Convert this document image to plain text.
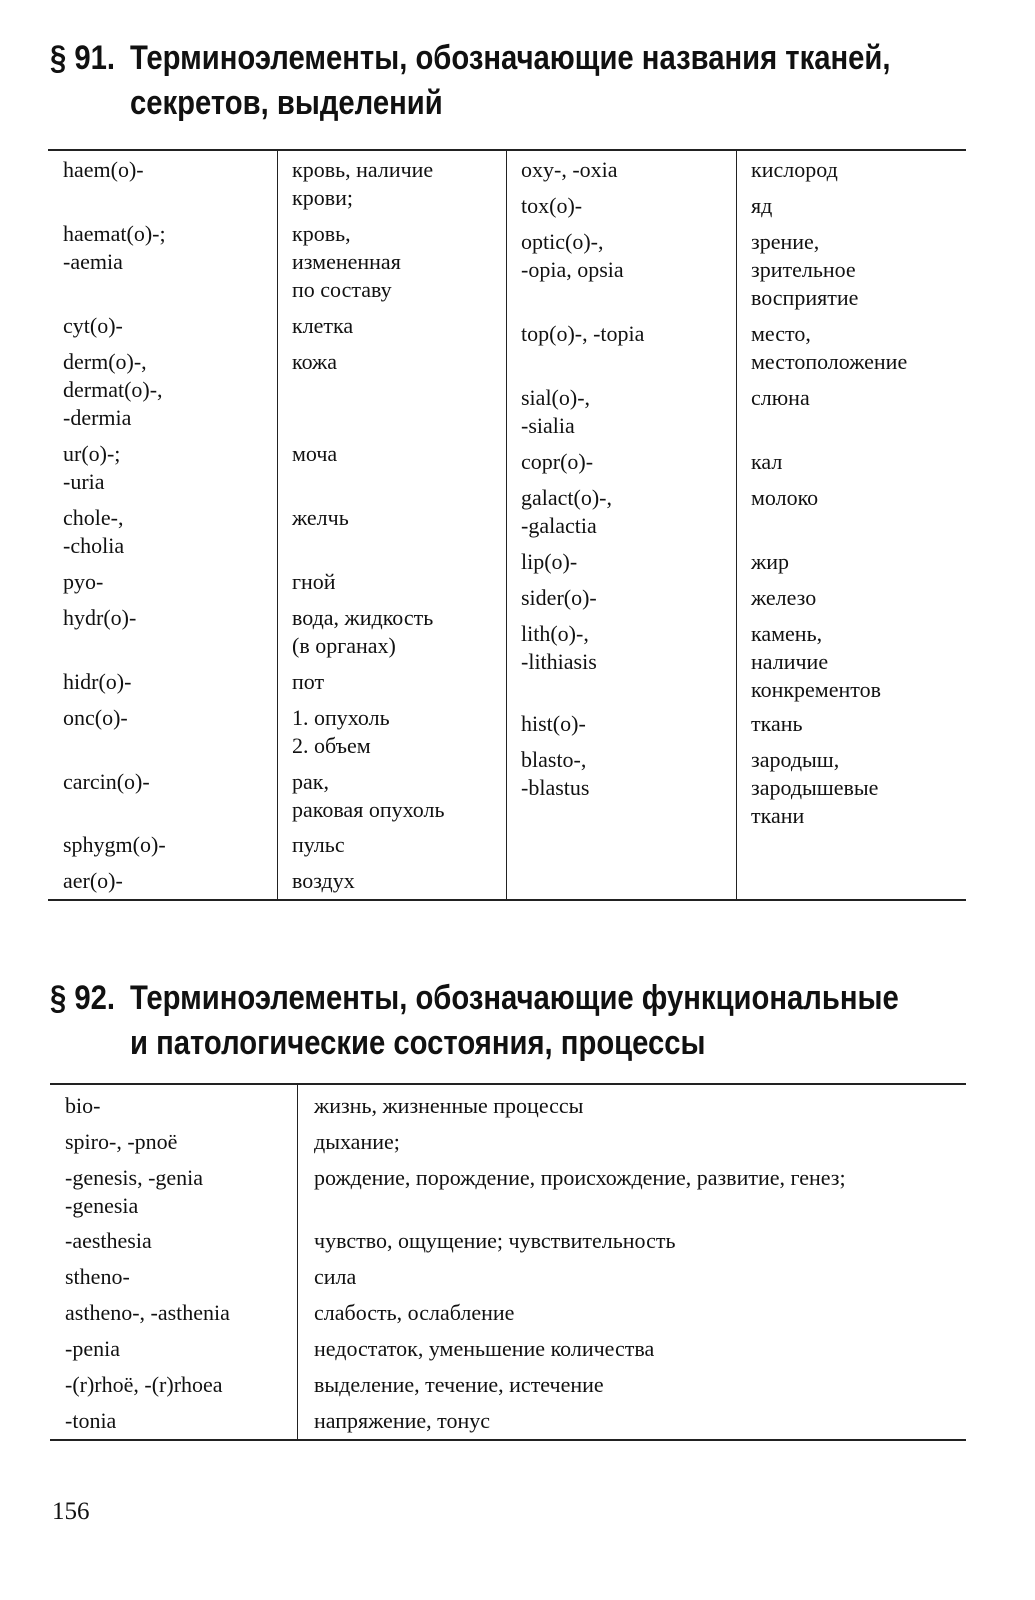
§ 91. Терминоэлементы, обозначающие названия тканей,
секретов, выделений
haem(o)-
haemat(o)-;
-aemia
cyt(o)-
derm(o)-,
dermat(o)-,
-dermia
ur(o)-;
-uria
chole-,
-cholia
pyo-
hydr(o)-
hidr(o)-
onc(o)-
carcin(o)-
sphygm(o)-
aer(o)-
кровь, наличие
крови;
кровь,
измененная
по составу
клетка
кожа
моча
желчь
гной
вода, жидкость
(в органах)
пот
1. опухоль
2. объем
рак,
раковая опухоль
пульс
воздух
oxy-, -oxia
tox(o)-
optic(o)-,
-opia, opsia
top(o)-, -topia
sial(o)-,
-sialia
copr(o)-
galact(o)-,
-galactia
lip(o)-
sider(o)-
lith(o)-,
-lithiasis
hist(o)-
blasto-,
-blastus
кислород
яд
зрение,
зрительное
восприятие
место,
местоположение
слюна
кал
молоко
жир
железо
камень,
наличие
конкрементов
ткань
зародыш,
зародышевые
ткани
§ 92. Терминоэлементы, обозначающие функциональные
и патологические состояния, процессы
bio-
spiro-, -pnoë
-genesis, -genia
-genesia
-aesthesia
stheno-
astheno-, -asthenia
-penia
-(r)rhoë, -(r)rhoea
-tonia
жизнь, жизненные процессы
дыхание;
рождение, порождение, происхождение, развитие, генез;
чувство, ощущение; чувствительность
сила
слабость, ослабление
недостаток, уменьшение количества
выделение, течение, истечение
напряжение, тонус
156
